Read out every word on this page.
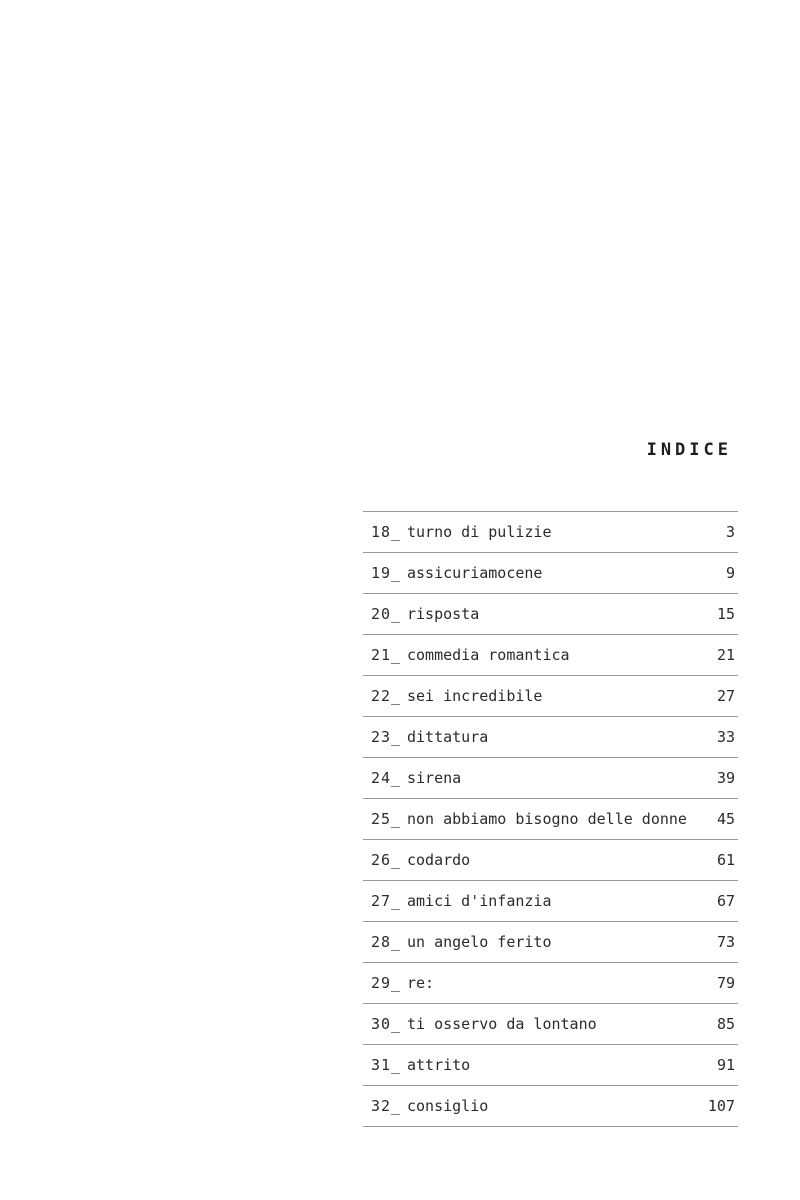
INDICE
18_ turno di pulizie	3
19_ assicuriamocene	9
20_ risposta	15
21_ commedia romantica	21
22_ sei incredibile	27
23_ dittatura	33
24_ sirena	39
25_ non abbiamo bisogno delle donne 45
26_ codardo	61
27_ amici d'infanzia	67
28_ un angelo ferito	73
29_ re:	79
30_ ti osservo da lontano	85
31_ attrito	91
32_ consiglio	107
